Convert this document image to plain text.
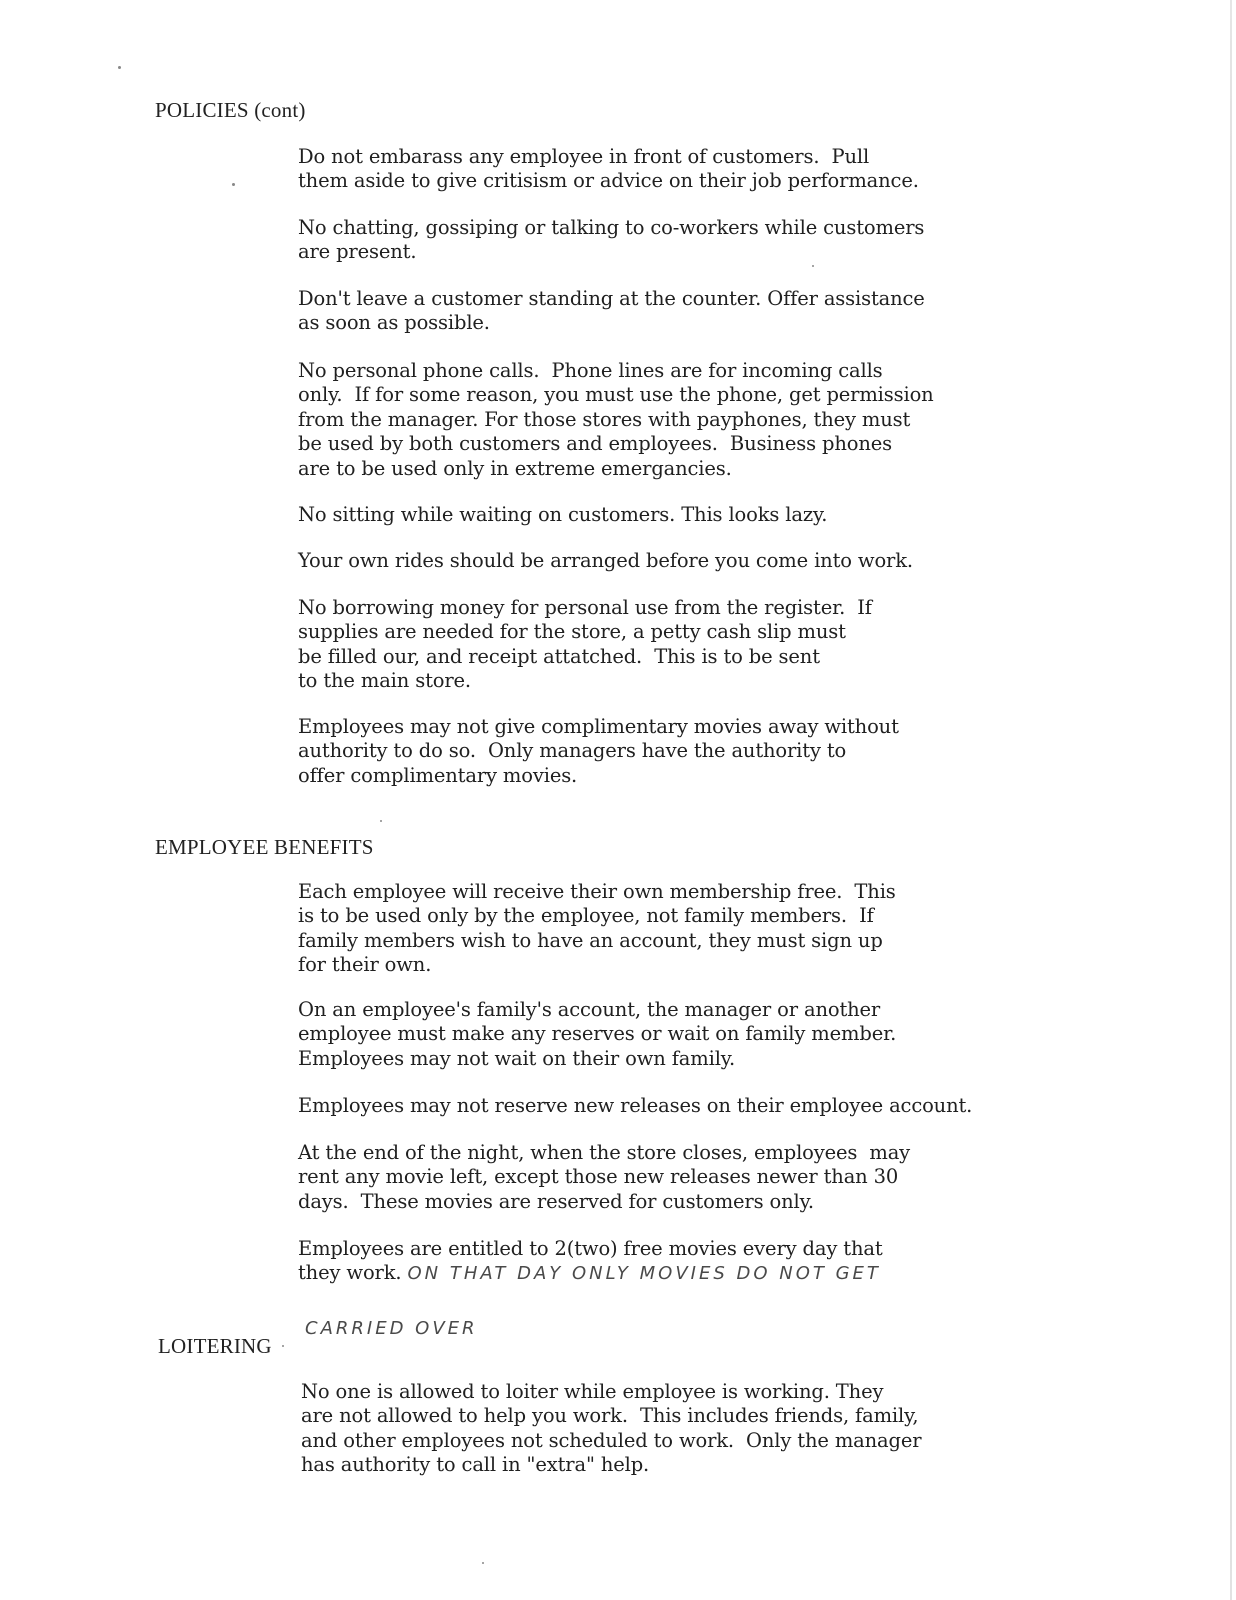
POLICIES (cont)
Do not embarass any employee in front of customers.  Pull
them aside to give critisism or advice on their job performance.
No chatting, gossiping or talking to co-workers while customers
are present.
Don't leave a customer standing at the counter. Offer assistance
as soon as possible.
No personal phone calls.  Phone lines are for incoming calls
only.  If for some reason, you must use the phone, get permission
from the manager. For those stores with payphones, they must
be used by both customers and employees.  Business phones
are to be used only in extreme emergancies.
No sitting while waiting on customers. This looks lazy.
Your own rides should be arranged before you come into work.
No borrowing money for personal use from the register.  If
supplies are needed for the store, a petty cash slip must
be filled our, and receipt attatched.  This is to be sent
to the main store.
Employees may not give complimentary movies away without
authority to do so.  Only managers have the authority to
offer complimentary movies.
EMPLOYEE BENEFITS
Each employee will receive their own membership free.  This
is to be used only by the employee, not family members.  If
family members wish to have an account, they must sign up
for their own.
On an employee's family's account, the manager or another
employee must make any reserves or wait on family member.
Employees may not wait on their own family.
Employees may not reserve new releases on their employee account.
At the end of the night, when the store closes, employees  may
rent any movie left, except those new releases newer than 30
days.  These movies are reserved for customers only.
Employees are entitled to 2(two) free movies every day that
they work. ON THAT DAY ONLY MOVIES DO NOT GET
CARRIED OVER
LOITERING
No one is allowed to loiter while employee is working. They
are not allowed to help you work.  This includes friends, family,
and other employees not scheduled to work.  Only the manager
has authority to call in "extra" help.
